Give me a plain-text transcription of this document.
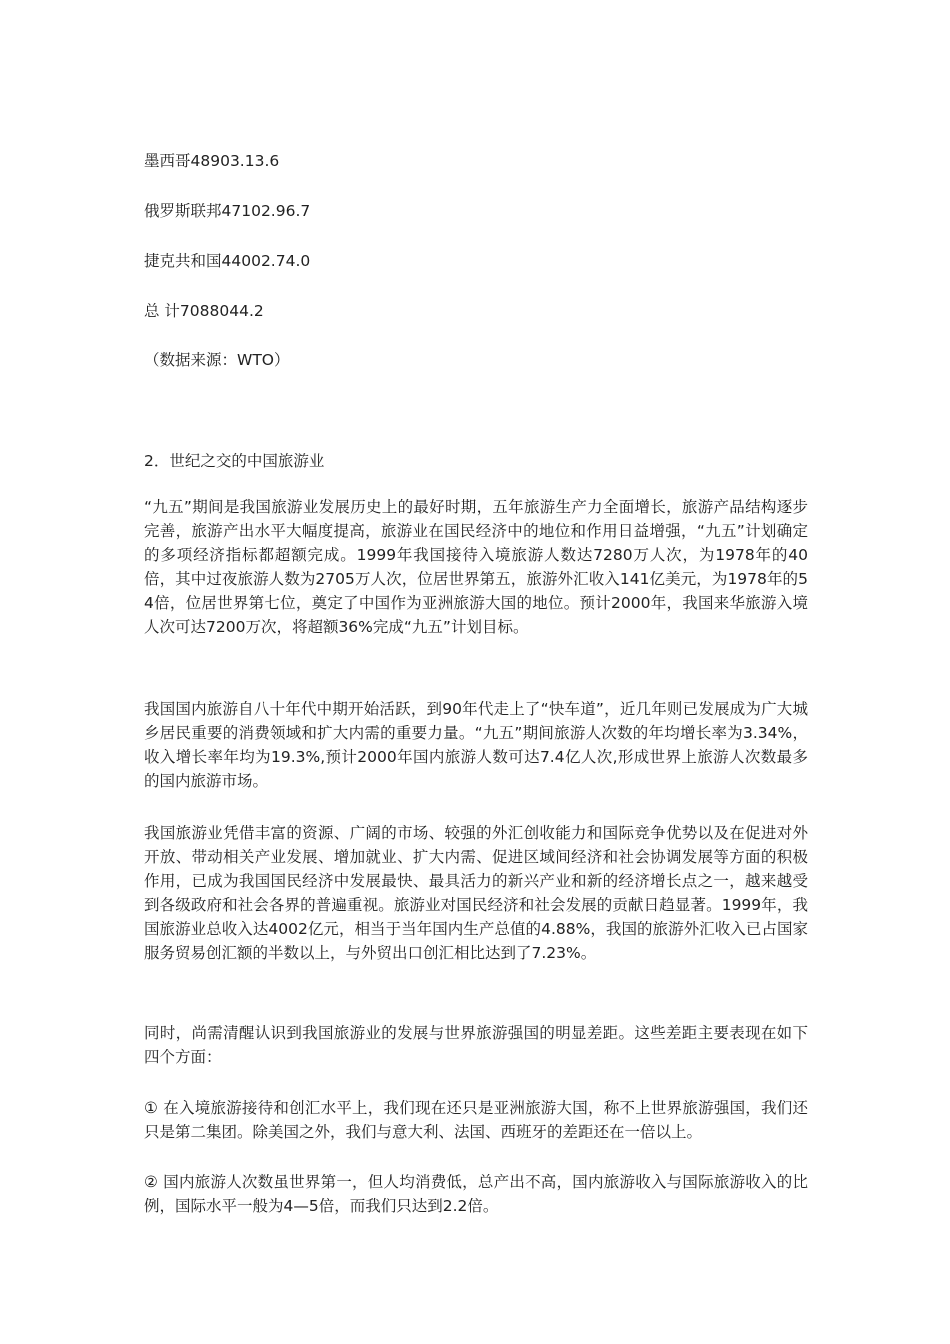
墨西哥48903.13.6
俄罗斯联邦47102.96.7
捷克共和国44002.74.0
总 计7088044.2
（数据来源：WTO）
2．世纪之交的中国旅游业

“九五”期间是我国旅游业发展历史上的最好时期，五年旅游生产力全面增长，旅游产品结构逐步完善，旅游产出水平大幅度提高，旅游业在国民经济中的地位和作用日益增强，“九五”计划确定的多项经济指标都超额完成。1999年我国接待入境旅游人数达7280万人次，为1978年的40倍，其中过夜旅游人数为2705万人次，位居世界第五，旅游外汇收入141亿美元，为1978年的54倍，位居世界第七位，奠定了中国作为亚洲旅游大国的地位。预计2000年，我国来华旅游入境人次可达7200万次，将超额36%完成“九五”计划目标。

我国国内旅游自八十年代中期开始活跃，到90年代走上了“快车道”，近几年则已发展成为广大城乡居民重要的消费领域和扩大内需的重要力量。“九五”期间旅游人次数的年均增长率为3.34%，收入增长率年均为19.3%,预计2000年国内旅游人数可达7.4亿人次,形成世界上旅游人次数最多的国内旅游市场。

我国旅游业凭借丰富的资源、广阔的市场、较强的外汇创收能力和国际竞争优势以及在促进对外开放、带动相关产业发展、增加就业、扩大内需、促进区域间经济和社会协调发展等方面的积极作用，已成为我国国民经济中发展最快、最具活力的新兴产业和新的经济增长点之一，越来越受到各级政府和社会各界的普遍重视。旅游业对国民经济和社会发展的贡献日趋显著。1999年，我国旅游业总收入达4002亿元，相当于当年国内生产总值的4.88%，我国的旅游外汇收入已占国家服务贸易创汇额的半数以上，与外贸出口创汇相比达到了7.23%。

同时，尚需清醒认识到我国旅游业的发展与世界旅游强国的明显差距。这些差距主要表现在如下四个方面：

① 在入境旅游接待和创汇水平上，我们现在还只是亚洲旅游大国，称不上世界旅游强国，我们还只是第二集团。除美国之外，我们与意大利、法国、西班牙的差距还在一倍以上。

② 国内旅游人次数虽世界第一，但人均消费低，总产出不高，国内旅游收入与国际旅游收入的比例，国际水平一般为4—5倍，而我们只达到2.2倍。
